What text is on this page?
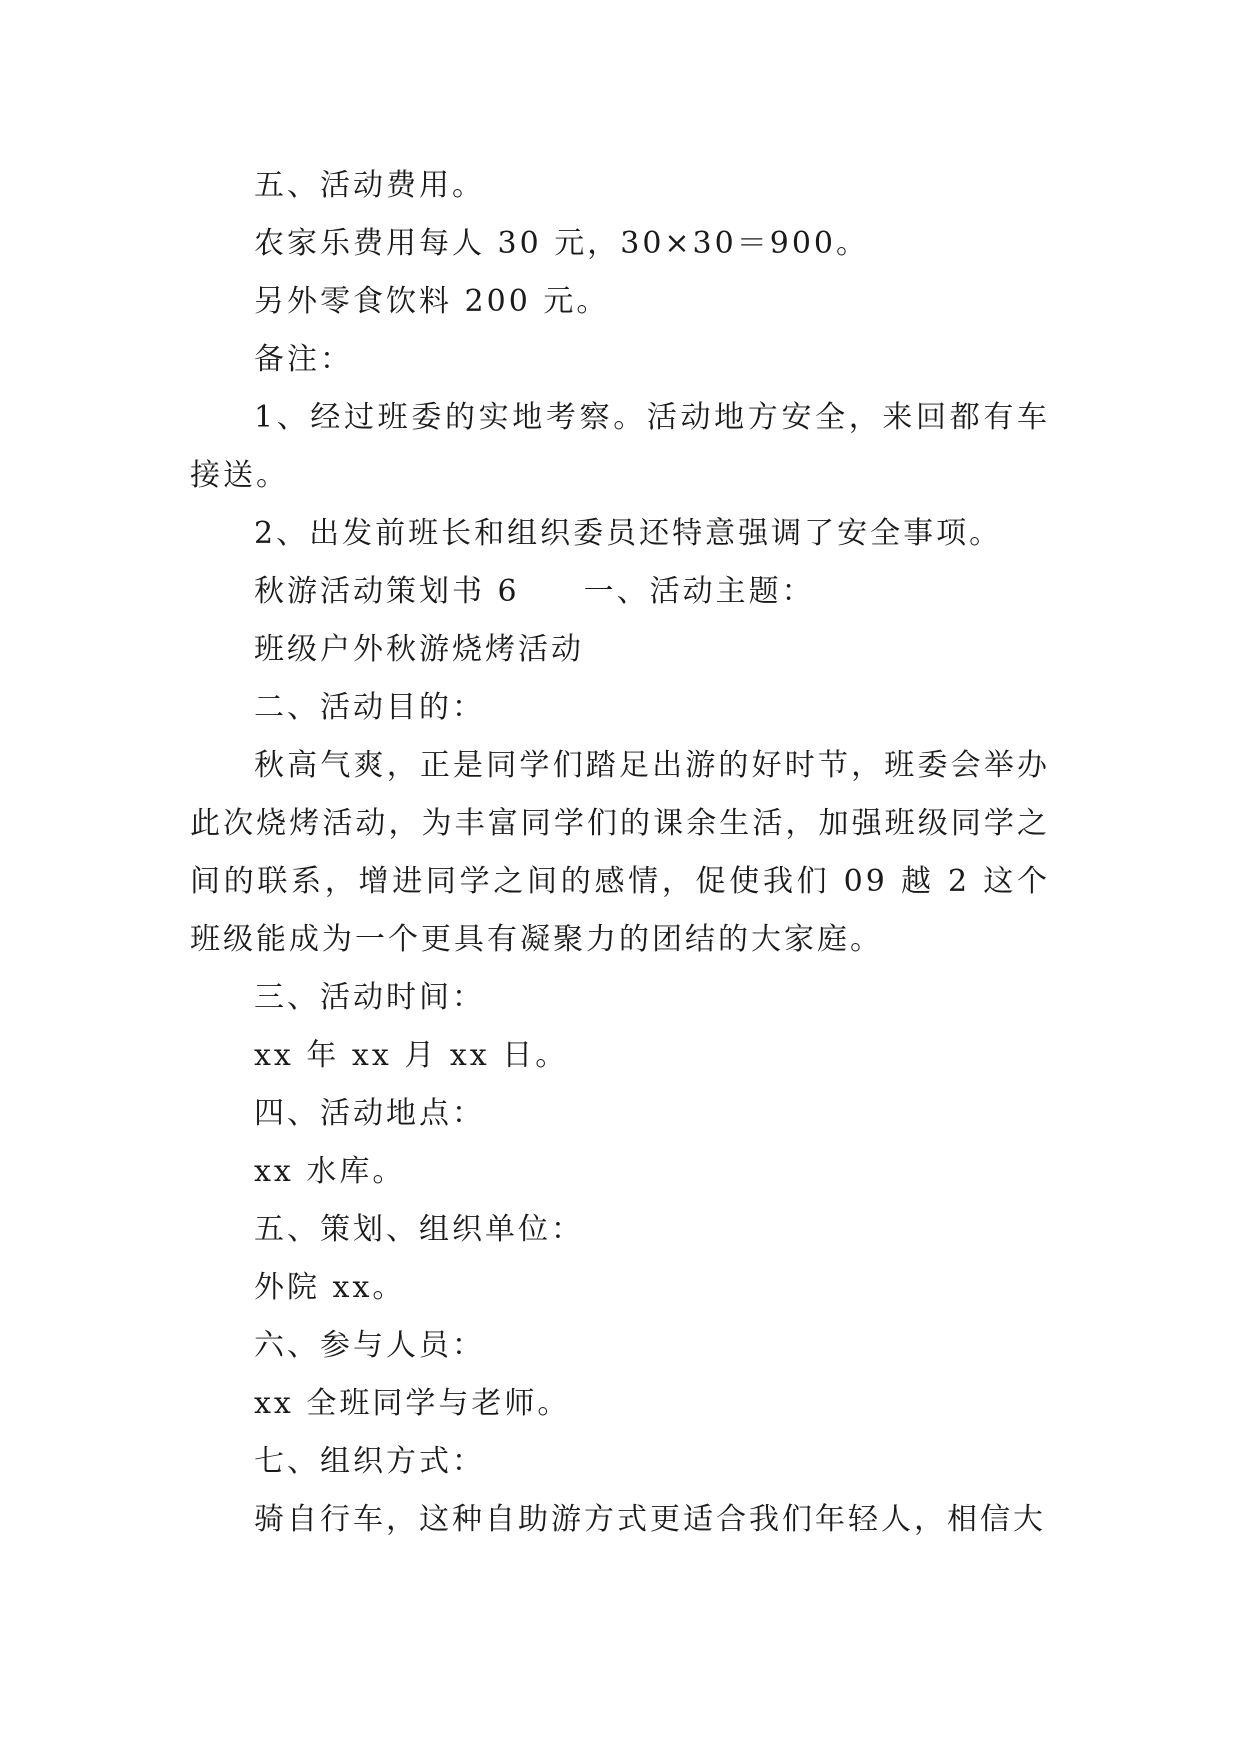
五、活动费用。

农家乐费用每人 30 元，30×30＝900。

另外零食饮料 200 元。

备注：

1、经过班委的实地考察。活动地方安全，来回都有车接送。

2、出发前班长和组织委员还特意强调了安全事项。

秋游活动策划书 6 一、活动主题：

班级户外秋游烧烤活动

二、活动目的：

秋高气爽，正是同学们踏足出游的好时节，班委会举办此次烧烤活动，为丰富同学们的课余生活，加强班级同学之间的联系，增进同学之间的感情，促使我们 09 越 2 这个班级能成为一个更具有凝聚力的团结的大家庭。

三、活动时间：

xx 年 xx 月 xx 日。

四、活动地点：

xx 水库。

五、策划、组织单位：

外院 xx。

六、参与人员：

xx 全班同学与老师。

七、组织方式：

骑自行车，这种自助游方式更适合我们年轻人，相信大
